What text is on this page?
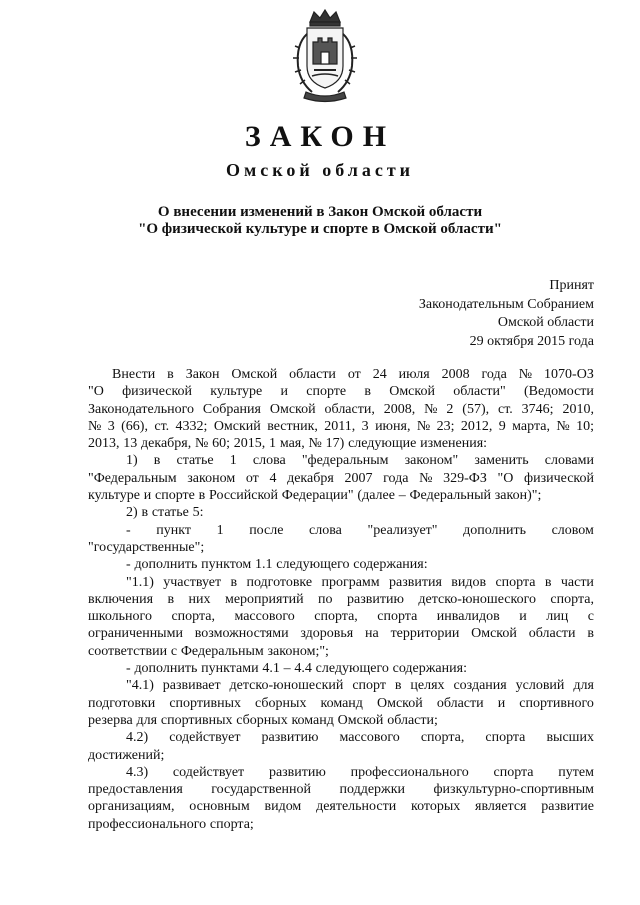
ЗАКОН
Омской области
О внесении изменений в Закон Омской области
"О физической культуре и спорте в Омской области"
Принят
Законодательным Собранием
Омской области
29 октября 2015 года
Внести в Закон Омской области от 24 июля 2008 года № 1070-ОЗ
"О физической культуре и спорте в Омской области" (Ведомости
Законодательного Собрания Омской области, 2008, № 2 (57), ст. 3746; 2010,
№ 3 (66), ст. 4332; Омский вестник, 2011, 3 июня, № 23; 2012, 9 марта, № 10;
2013, 13 декабря, № 60; 2015, 1 мая, № 17) следующие изменения:
1) в статье 1 слова "федеральным законом" заменить словами
"Федеральным законом от 4 декабря 2007 года № 329-ФЗ "О физической
культуре и спорте в Российской Федерации" (далее – Федеральный закон)";
2) в статье 5:
- пункт 1 после слова "реализует" дополнить словом
"государственные";
- дополнить пунктом 1.1 следующего содержания:
"1.1) участвует в подготовке программ развития видов спорта в части
включения в них мероприятий по развитию детско-юношеского спорта,
школьного спорта, массового спорта, спорта инвалидов и лиц с
ограниченными возможностями здоровья на территории Омской области в
соответствии с Федеральным законом;";
- дополнить пунктами 4.1 – 4.4 следующего содержания:
"4.1) развивает детско-юношеский спорт в целях создания условий для
подготовки спортивных сборных команд Омской области и спортивного
резерва для спортивных сборных команд Омской области;
4.2) содействует развитию массового спорта, спорта высших
достижений;
4.3) содействует развитию профессионального спорта путем
предоставления государственной поддержки физкультурно-спортивным
организациям, основным видом деятельности которых является развитие
профессионального спорта;
